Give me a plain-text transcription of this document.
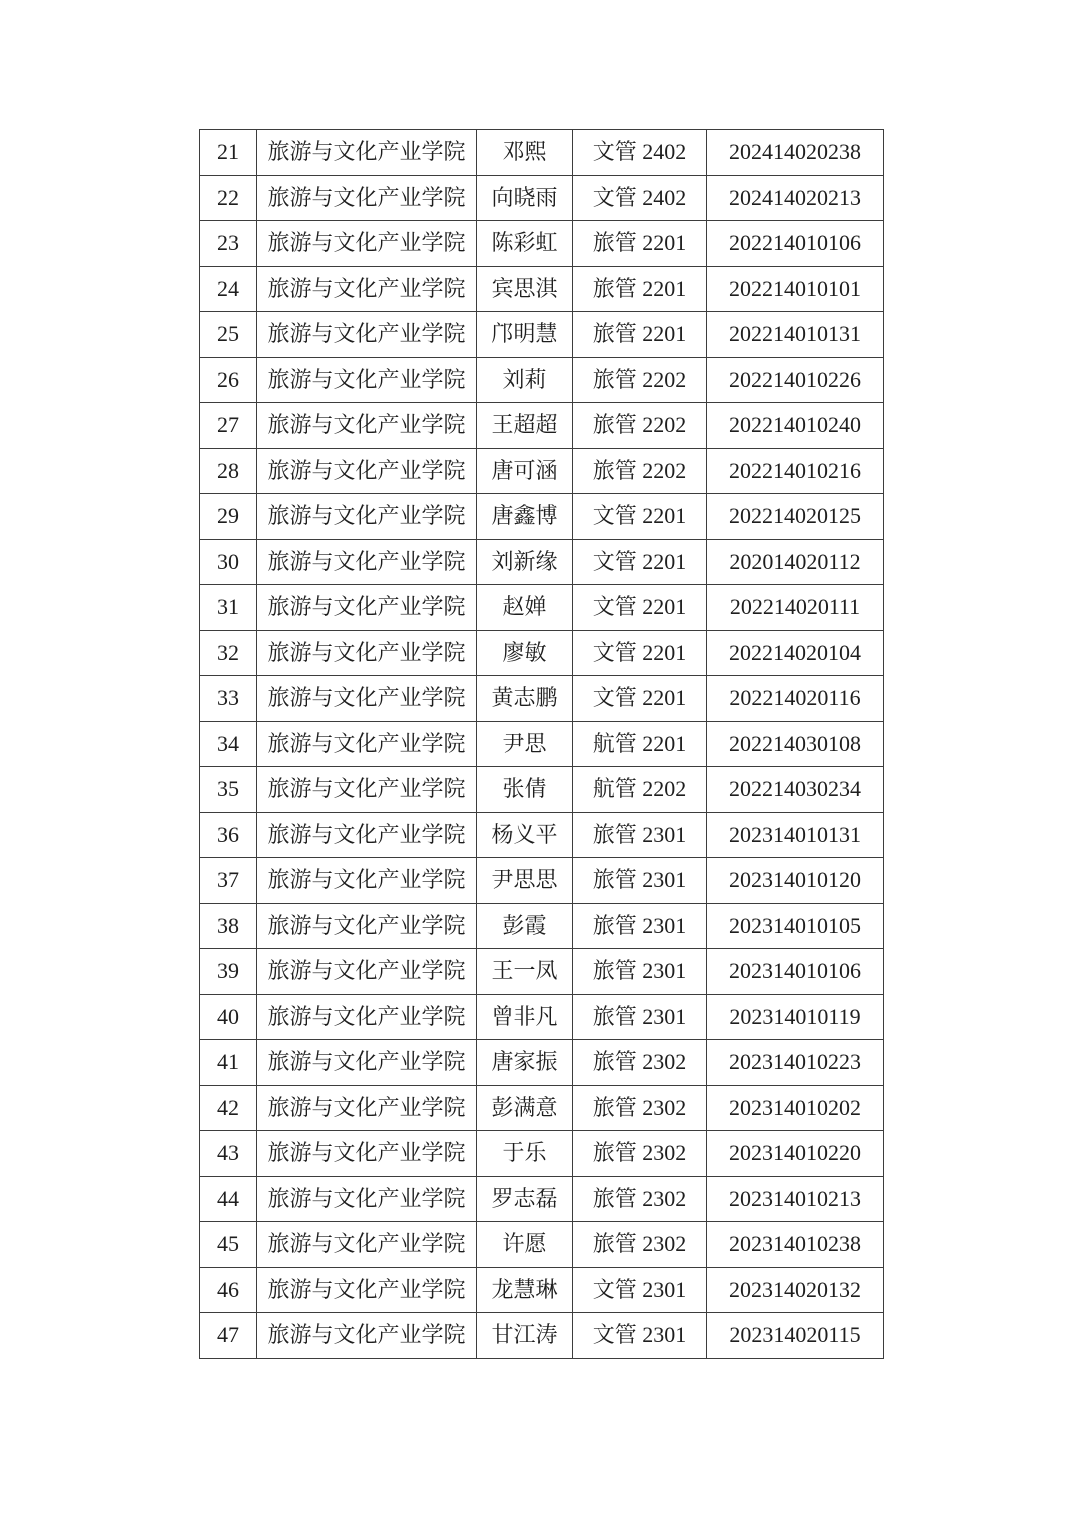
21	旅游与文化产业学院	邓熙	文管 2402	202414020238
22	旅游与文化产业学院	向晓雨	文管 2402	202414020213
23	旅游与文化产业学院	陈彩虹	旅管 2201	202214010106
24	旅游与文化产业学院	宾思淇	旅管 2201	202214010101
25	旅游与文化产业学院	邝明慧	旅管 2201	202214010131
26	旅游与文化产业学院	刘莉	旅管 2202	202214010226
27	旅游与文化产业学院	王超超	旅管 2202	202214010240
28	旅游与文化产业学院	唐可涵	旅管 2202	202214010216
29	旅游与文化产业学院	唐鑫博	文管 2201	202214020125
30	旅游与文化产业学院	刘新缘	文管 2201	202014020112
31	旅游与文化产业学院	赵婵	文管 2201	202214020111
32	旅游与文化产业学院	廖敏	文管 2201	202214020104
33	旅游与文化产业学院	黄志鹏	文管 2201	202214020116
34	旅游与文化产业学院	尹思	航管 2201	202214030108
35	旅游与文化产业学院	张倩	航管 2202	202214030234
36	旅游与文化产业学院	杨义平	旅管 2301	202314010131
37	旅游与文化产业学院	尹思思	旅管 2301	202314010120
38	旅游与文化产业学院	彭霞	旅管 2301	202314010105
39	旅游与文化产业学院	王一凤	旅管 2301	202314010106
40	旅游与文化产业学院	曾非凡	旅管 2301	202314010119
41	旅游与文化产业学院	唐家振	旅管 2302	202314010223
42	旅游与文化产业学院	彭满意	旅管 2302	202314010202
43	旅游与文化产业学院	于乐	旅管 2302	202314010220
44	旅游与文化产业学院	罗志磊	旅管 2302	202314010213
45	旅游与文化产业学院	许愿	旅管 2302	202314010238
46	旅游与文化产业学院	龙慧琳	文管 2301	202314020132
47	旅游与文化产业学院	甘江涛	文管 2301	202314020115
